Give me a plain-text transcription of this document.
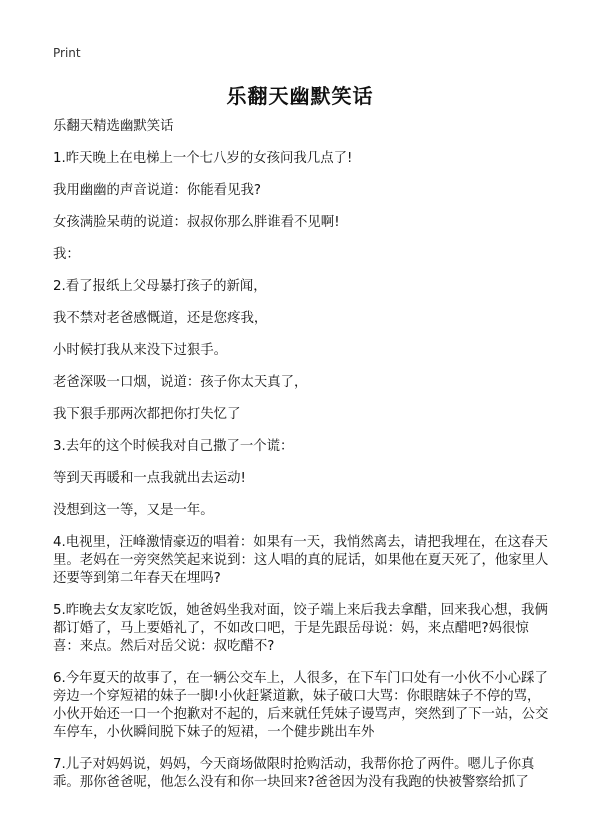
Print
乐翻天幽默笑话

乐翻天精选幽默笑话

1.昨天晚上在电梯上一个七八岁的女孩问我几点了!

我用幽幽的声音说道：你能看见我?

女孩满脸呆萌的说道：叔叔你那么胖谁看不见啊!

我：

2.看了报纸上父母暴打孩子的新闻，

我不禁对老爸感慨道，还是您疼我，

小时候打我从来没下过狠手。

老爸深吸一口烟，说道：孩子你太天真了，

我下狠手那两次都把你打失忆了

3.去年的这个时候我对自己撒了一个谎：

等到天再暖和一点我就出去运动!

没想到这一等，又是一年。

4.电视里，汪峰激情豪迈的唱着：如果有一天，我悄然离去，请把我埋在，在这春天里。老妈在一旁突然笑起来说到：这人唱的真的屁话，如果他在夏天死了，他家里人还要等到第二年春天在埋吗?

5.昨晚去女友家吃饭，她爸妈坐我对面，饺子端上来后我去拿醋，回来我心想，我俩都订婚了，马上要婚礼了，不如改口吧，于是先跟岳母说：妈，来点醋吧?妈很惊喜：来点。然后对岳父说：叔吃醋不?

6.今年夏天的故事了，在一辆公交车上，人很多，在下车门口处有一小伙不小心踩了旁边一个穿短裙的妹子一脚!小伙赶紧道歉，妹子破口大骂：你眼瞎妹子不停的骂，小伙开始还一口一个抱歉对不起的，后来就任凭妹子谩骂声，突然到了下一站，公交车停车，小伙瞬间脱下妹子的短裙，一个健步跳出车外

7.儿子对妈妈说，妈妈，今天商场做限时抢购活动，我帮你抢了两件。嗯儿子你真乖。那你爸爸呢，他怎么没有和你一块回来?爸爸因为没有我跑的快被警察给抓了
